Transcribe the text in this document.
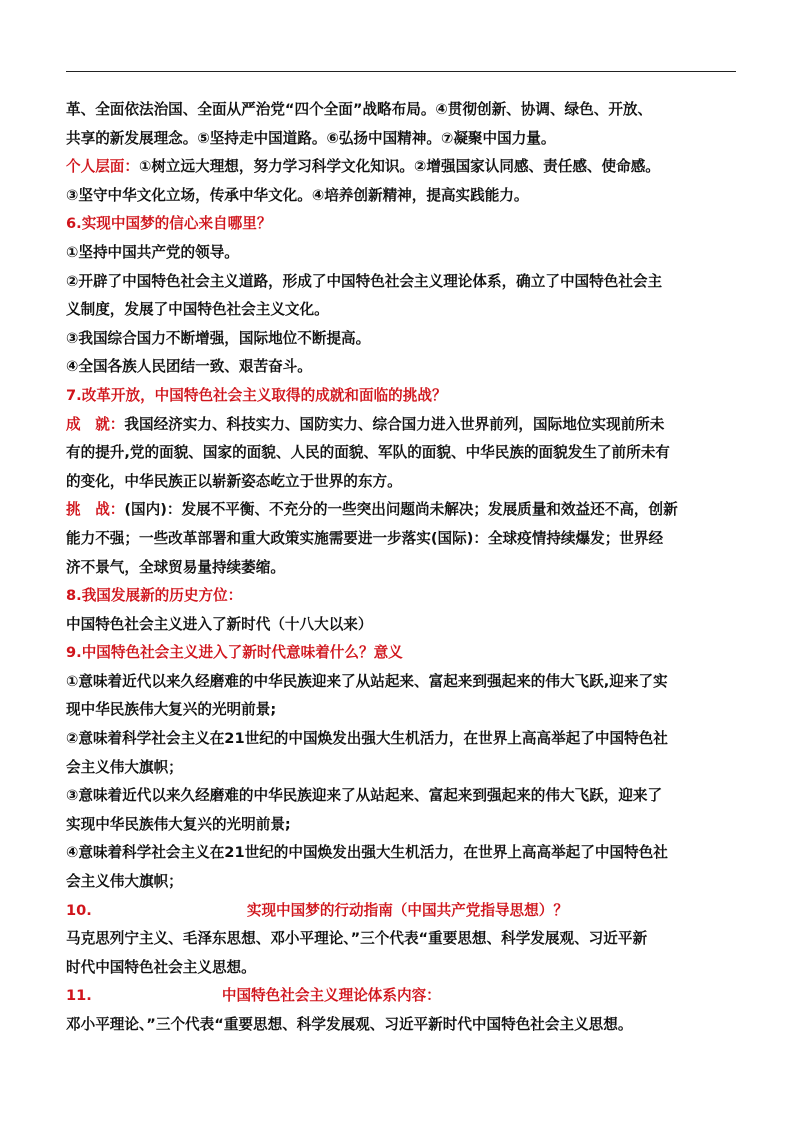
革、全面依法治国、全面从严治党“四个全面”战略布局。④贯彻创新、协调、绿色、开放、
共享的新发展理念。⑤坚持走中国道路。⑥弘扬中国精神。⑦凝聚中国力量。
个人层面：①树立远大理想，努力学习科学文化知识。②增强国家认同感、责任感、使命感。
③坚守中华文化立场，传承中华文化。④培养创新精神，提高实践能力。
6.实现中国梦的信心来自哪里？
①坚持中国共产党的领导。
②开辟了中国特色社会主义道路，形成了中国特色社会主义理论体系，确立了中国特色社会主
义制度，发展了中国特色社会主义文化。
③我国综合国力不断增强，国际地位不断提高。
④全国各族人民团结一致、艰苦奋斗。
7.改革开放，中国特色社会主义取得的成就和面临的挑战？
成　就：我国经济实力、科技实力、国防实力、综合国力进入世界前列，国际地位实现前所未
有的提升,党的面貌、国家的面貌、人民的面貌、军队的面貌、中华民族的面貌发生了前所未有
的变化，中华民族正以崭新姿态屹立于世界的东方。
挑　战：(国内)：发展不平衡、不充分的一些突出问题尚未解决；发展质量和效益还不高，创新
能力不强；一些改革部署和重大政策实施需要进一步落实(国际)：全球疫情持续爆发；世界经
济不景气，全球贸易量持续萎缩。
8.我国发展新的历史方位：
中国特色社会主义进入了新时代（十八大以来）
9.中国特色社会主义进入了新时代意味着什么？意义
①意味着近代以来久经磨难的中华民族迎来了从站起来、富起来到强起来的伟大飞跃,迎来了实
现中华民族伟大复兴的光明前景;
②意味着科学社会主义在21世纪的中国焕发出强大生机活力，在世界上高高举起了中国特色社
会主义伟大旗帜；
③意味着近代以来久经磨难的中华民族迎来了从站起来、富起来到强起来的伟大飞跃，迎来了
实现中华民族伟大复兴的光明前景;
④意味着科学社会主义在21世纪的中国焕发出强大生机活力，在世界上高高举起了中国特色社
会主义伟大旗帜；
10.	实现中国梦的行动指南（中国共产党指导思想）？
马克思列宁主义、毛泽东思想、邓小平理论、”三个代表“重要思想、科学发展观、习近平新
时代中国特色社会主义思想。
11.	中国特色社会主义理论体系内容：
邓小平理论、”三个代表“重要思想、科学发展观、习近平新时代中国特色社会主义思想。
